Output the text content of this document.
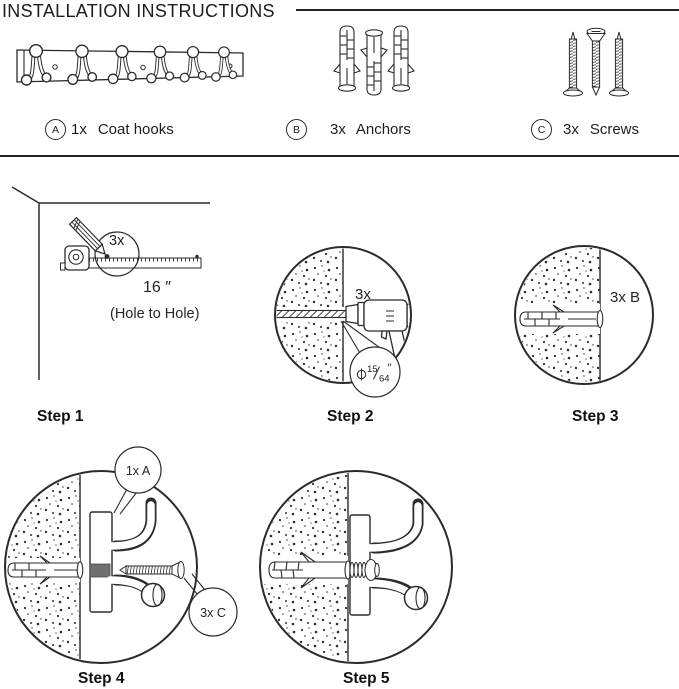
INSTALLATION INSTRUCTIONS
A 1x Coat hooks	B	3x Anchors	C	3x Screws
3x
16 ″
(Hole to Hole)
3x
15
64
″
3x B
1x A
3x C
Step 1	Step 2	Step 3
Step 4	Step 5
